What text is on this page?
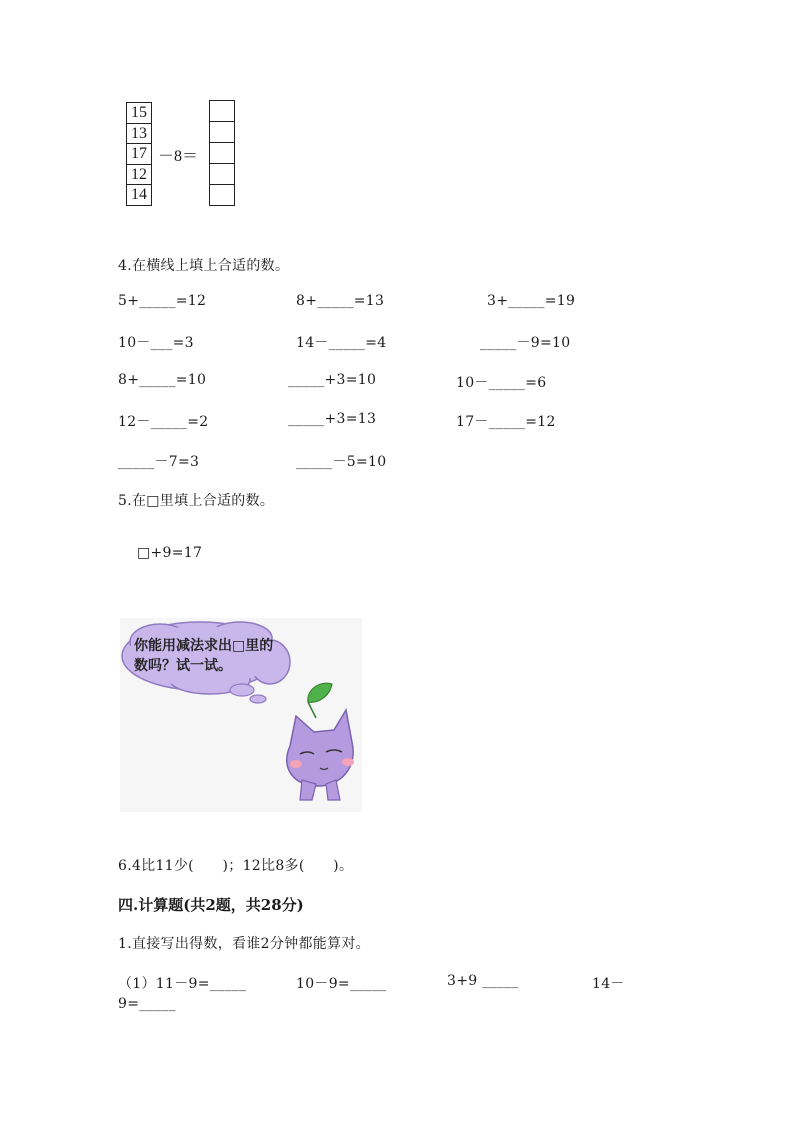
15
13
17
12
14
－8＝
4.在横线上填上合适的数。
5+_____=12	8+_____=13	3+_____=19
10－___=3	14－_____=4	_____－9=10
8+_____=10	_____+3=10	10－_____=6
12－_____=2	_____+3=13	17－_____=12
_____－7=3	_____－5=10
5.在□里填上合适的数。
□+9=17
你能用减法求出□里的数吗？试一试。
6.4比11少(　　)；12比8多(　　)。
四.计算题(共2题，共28分)
1.直接写出得数，看谁2分钟都能算对。
（1）11－9=_____	10－9=_____	3+9 _____	14－
9=_____
